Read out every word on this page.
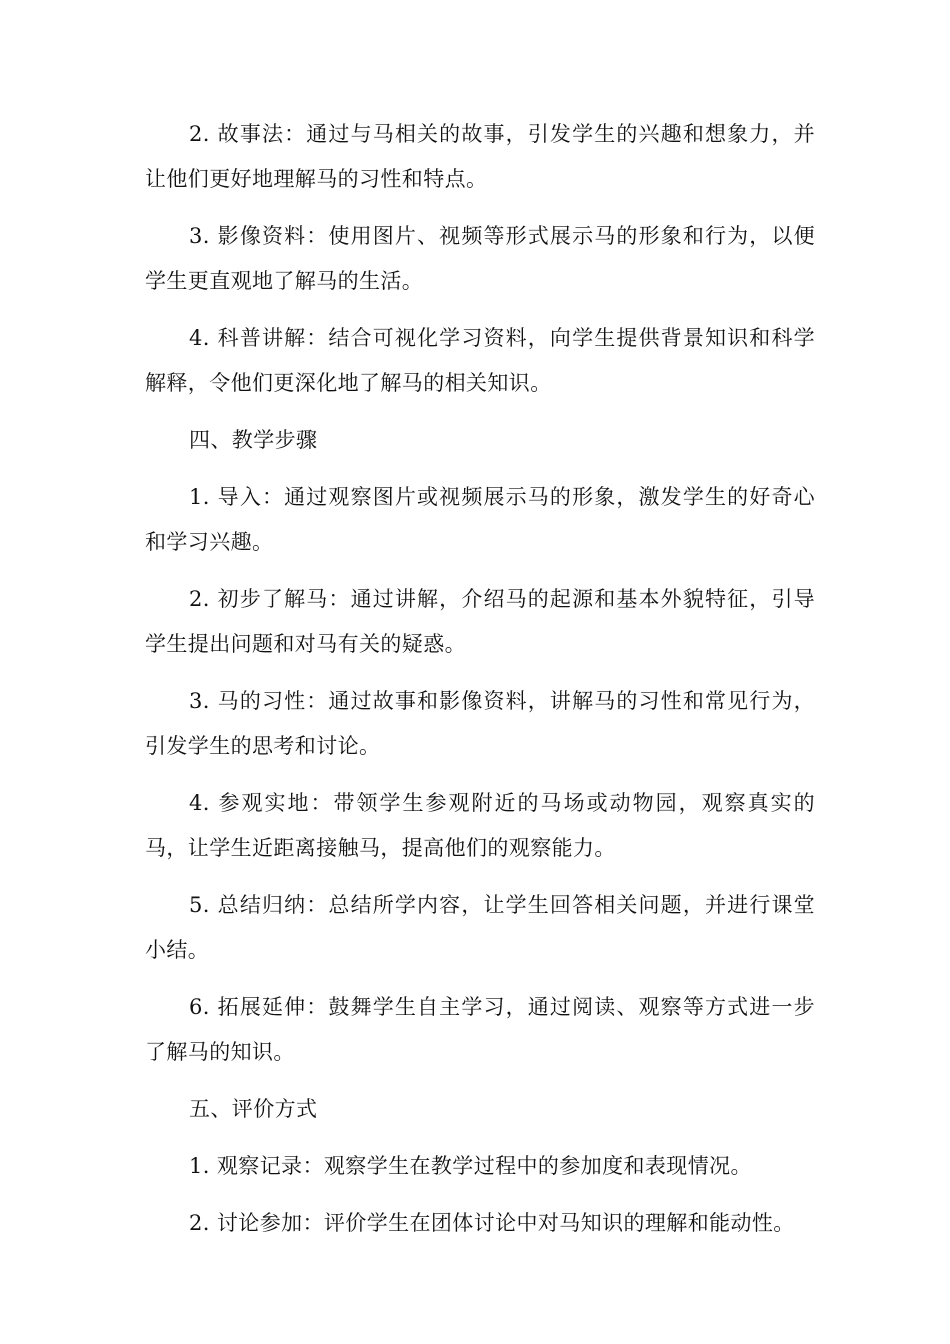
2. 故事法：通过与马相关的故事，引发学生的兴趣和想象力，并让他们更好地理解马的习性和特点。

3. 影像资料：使用图片、视频等形式展示马的形象和行为，以便学生更直观地了解马的生活。

4. 科普讲解：结合可视化学习资料，向学生提供背景知识和科学解释，令他们更深化地了解马的相关知识。

四、教学步骤

1. 导入：通过观察图片或视频展示马的形象，激发学生的好奇心和学习兴趣。

2. 初步了解马：通过讲解，介绍马的起源和基本外貌特征，引导学生提出问题和对马有关的疑惑。

3. 马的习性：通过故事和影像资料，讲解马的习性和常见行为，引发学生的思考和讨论。

4. 参观实地：带领学生参观附近的马场或动物园，观察真实的马，让学生近距离接触马，提高他们的观察能力。

5. 总结归纳：总结所学内容，让学生回答相关问题，并进行课堂小结。

6. 拓展延伸：鼓舞学生自主学习，通过阅读、观察等方式进一步了解马的知识。

五、评价方式

1. 观察记录：观察学生在教学过程中的参加度和表现情况。

2. 讨论参加：评价学生在团体讨论中对马知识的理解和能动性。
